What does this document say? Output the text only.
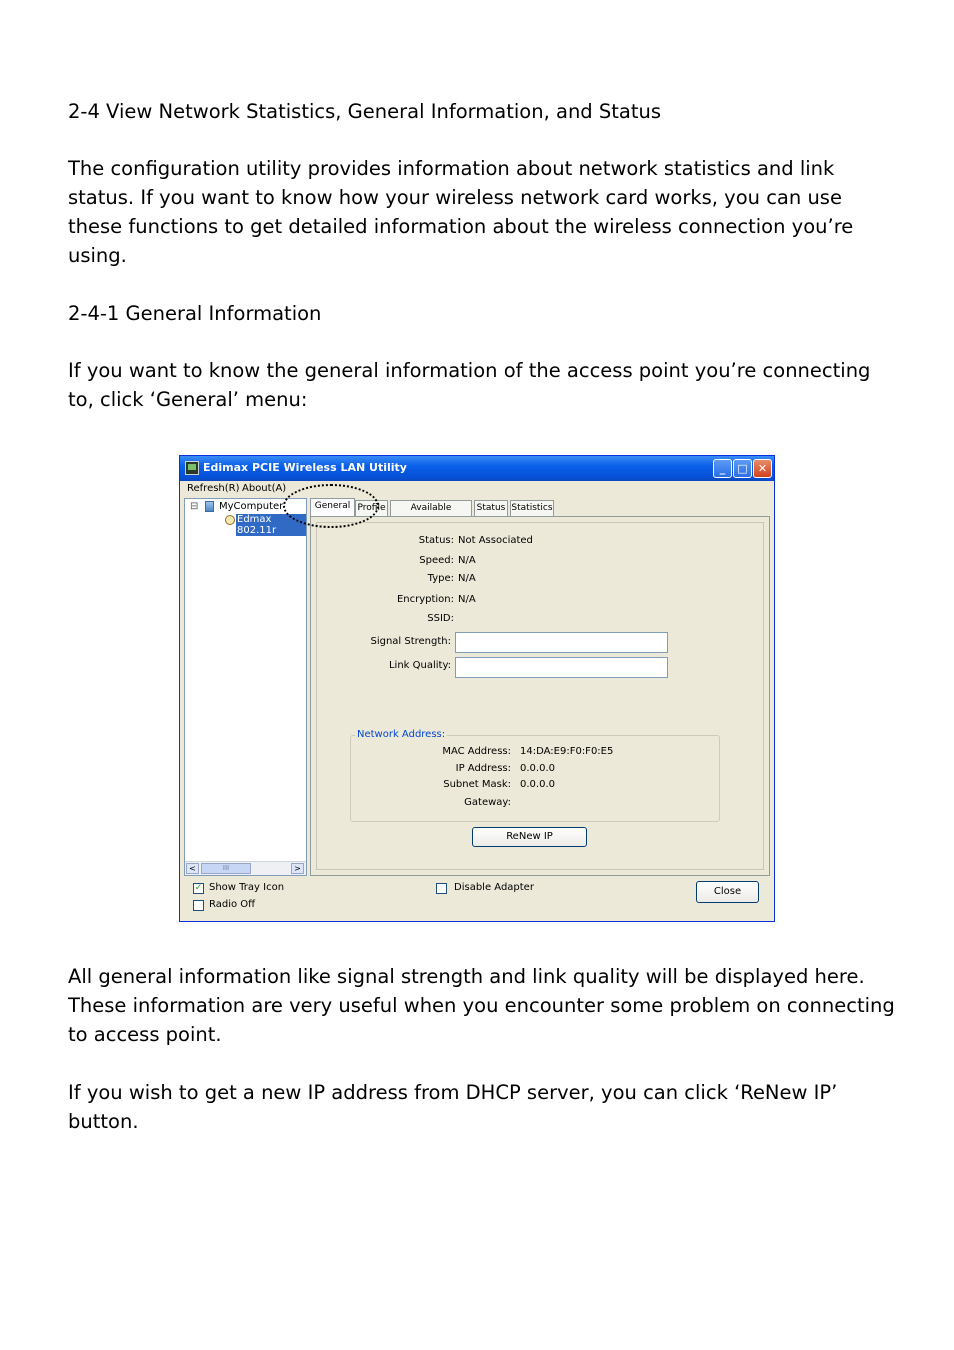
2-4 View Network Statistics, General Information, and Status

The configuration utility provides information about network statistics and link status. If you want to know how your wireless network card works, you can use these functions to get detailed information about the wireless connection you’re using.

2-4-1 General Information

If you want to know the general information of the access point you’re connecting to, click ‘General’ menu:

Edimax PCIE Wireless LAN Utility	_	□ ✕
Refresh(R) About(A)
⊟ MyComputer
Edmax 802.11r
<	III	>
General Profile	Available	Status Statistics
Status: Not Associated
Speed: N/A
Type: N/A
Encryption: N/A
SSID:
Signal Strength:
Link Quality:
Network Address:
MAC Address: 14:DA:E9:F0:F0:E5
IP Address: 0.0.0.0
Subnet Mask: 0.0.0.0
Gateway:
ReNew IP
✓ Show Tray Icon
Radio Off
Disable Adapter	Close

All general information like signal strength and link quality will be displayed here. These information are very useful when you encounter some problem on connecting to access point.

If you wish to get a new IP address from DHCP server, you can click ‘ReNew IP’ button.
